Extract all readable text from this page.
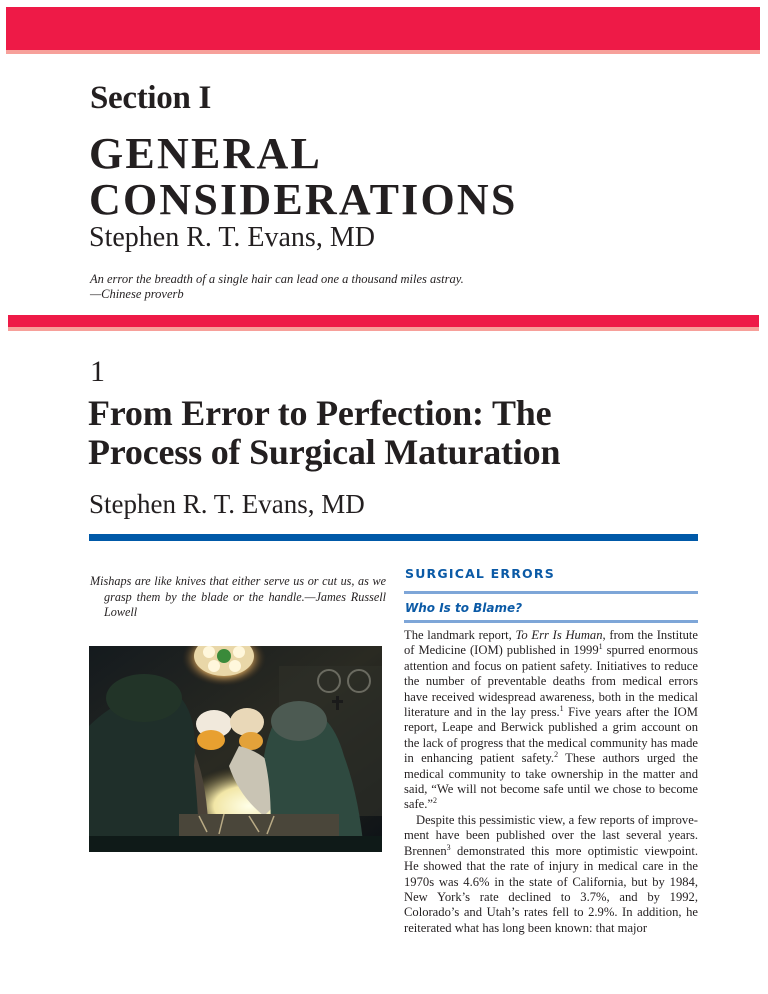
Section I
GENERAL
CONSIDERATIONS
Stephen R. T. Evans, MD
An error the breadth of a single hair can lead one a thousand miles astray.
—Chinese proverb
1
From Error to Perfection: The
Process of Surgical Maturation
Stephen R. T. Evans, MD
Mishaps are like knives that either serve us or cut us, as we grasp them by the blade or the handle.—James Russell Lowell
SURGICAL ERRORS
Who Is to Blame?

The landmark report, To Err Is Human, from the Institute of Medicine (IOM) published in 1999$^1$ spurred enormous attention and focus on patient safety. Initiatives to reduce the number of preventable deaths from medical errors have received widespread awareness, both in the medical literature and in the lay press.$^1$ Five years after the IOM report, Leape and Berwick published a grim account on the lack of progress that the medical community has made in enhancing patient safety.$^2$ These authors urged the medical community to take ownership in the matter and said, “We will not become safe until we chose to become safe.”$^2$

Despite this pessimistic view, a few reports of improvement have been published over the last several years. Brennen$^3$ demonstrated this more optimistic viewpoint. He showed that the rate of injury in medical care in the 1970s was 4.6% in the state of California, but by 1984, New York’s rate declined to 3.7%, and by 1992, Colorado’s and Utah’s rates fell to 2.9%. In addition, he reiterated what has long been known: that major
